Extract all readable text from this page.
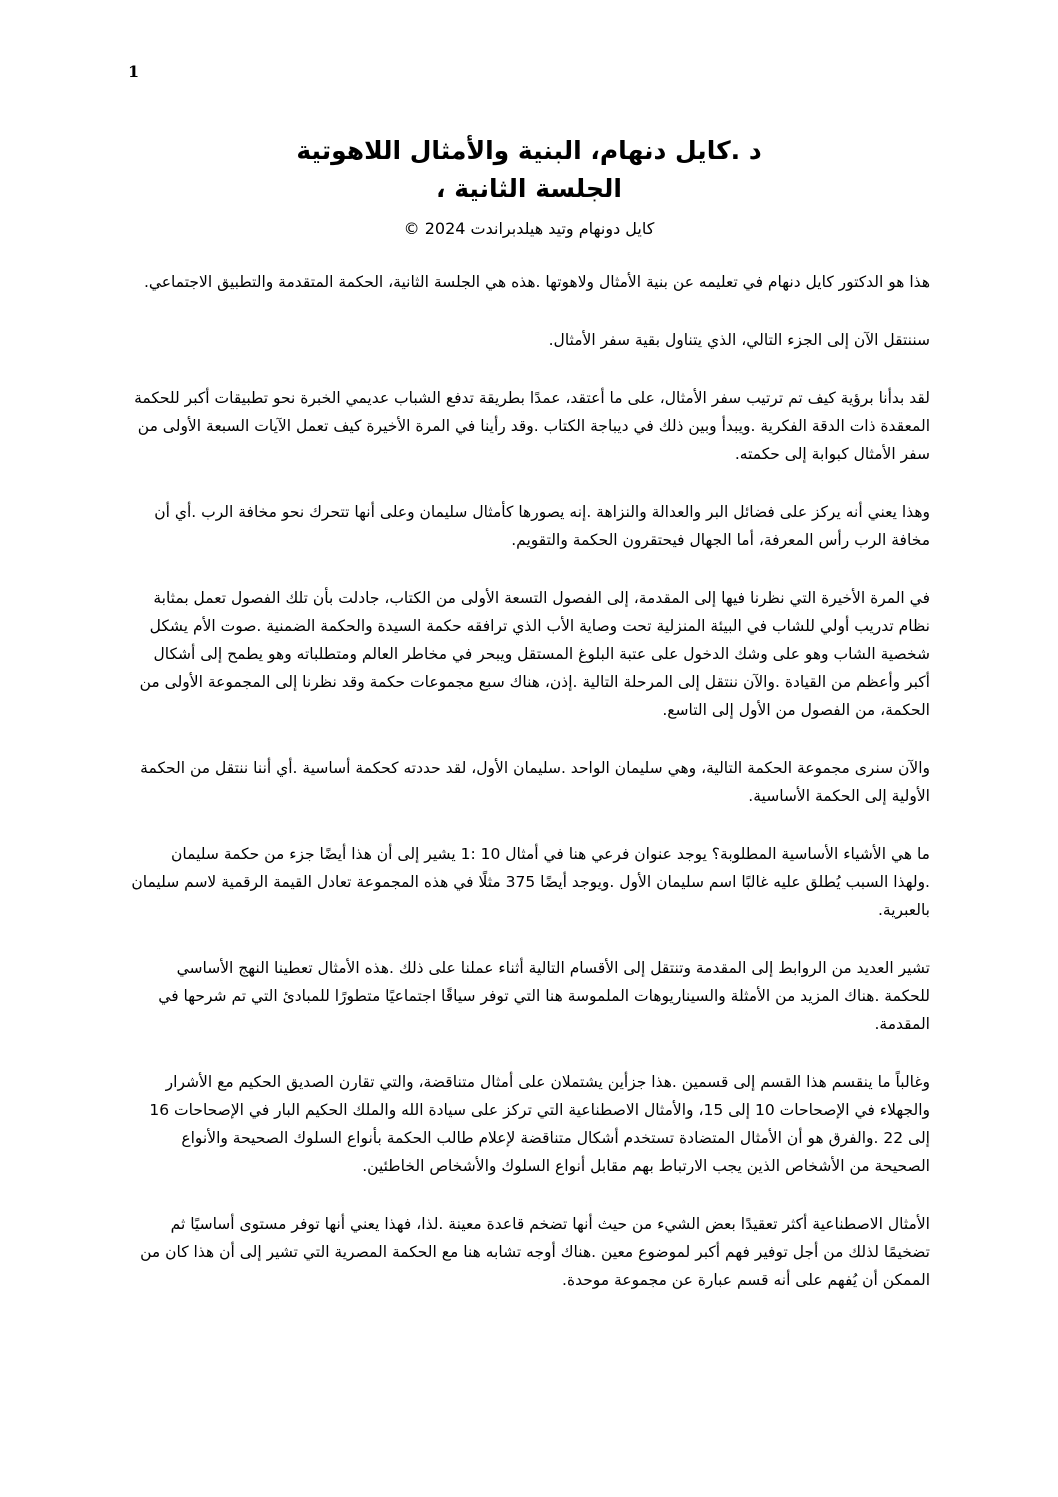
1

د .كايل دنهام، البنية والأمثال اللاهوتية

الجلسة الثانية ،

كايل دونهام وتيد هيلدبراندت 2024 ©

هذا هو الدكتور كايل دنهام في تعليمه عن بنية الأمثال ولاهوتها .هذه هي الجلسة الثانية، الحكمة المتقدمة والتطبيق الاجتماعي.

سننتقل الآن إلى الجزء التالي، الذي يتناول بقية سفر الأمثال.

لقد بدأنا برؤية كيف تم ترتيب سفر الأمثال، على ما أعتقد، عمدًا بطريقة تدفع الشباب عديمي الخبرة نحو تطبيقات أكبر للحكمة المعقدة ذات الدقة الفكرية .ويبدأ وبين ذلك في ديباجة الكتاب .وقد رأينا في المرة الأخيرة كيف تعمل الآيات السبعة الأولى من سفر الأمثال كبوابة إلى حكمته.

وهذا يعني أنه يركز على فضائل البر والعدالة والنزاهة .إنه يصورها كأمثال سليمان وعلى أنها تتحرك نحو مخافة الرب .أي أن مخافة الرب رأس المعرفة، أما الجهال فيحتقرون الحكمة والتقويم.

في المرة الأخيرة التي نظرنا فيها إلى المقدمة، إلى الفصول التسعة الأولى من الكتاب، جادلت بأن تلك الفصول تعمل بمثابة نظام تدريب أولي للشاب في البيئة المنزلية تحت وصاية الأب الذي ترافقه حكمة السيدة والحكمة الضمنية .صوت الأم يشكل شخصية الشاب وهو على وشك الدخول على عتبة البلوغ المستقل ويبحر في مخاطر العالم ومتطلباته وهو يطمح إلى أشكال أكبر وأعظم من القيادة .والآن ننتقل إلى المرحلة التالية .إذن، هناك سبع مجموعات حكمة وقد نظرنا إلى المجموعة الأولى من الحكمة، من الفصول من الأول إلى التاسع.

والآن سنرى مجموعة الحكمة التالية، وهي سليمان الواحد .سليمان الأول، لقد حددته كحكمة أساسية .أي أننا ننتقل من الحكمة الأولية إلى الحكمة الأساسية.

ما هي الأشياء الأساسية المطلوبة؟ يوجد عنوان فرعي هنا في أمثال 10 :1 يشير إلى أن هذا أيضًا جزء من حكمة سليمان .ولهذا السبب يُطلق عليه غالبًا اسم سليمان الأول .ويوجد أيضًا 375 مثلًا في هذه المجموعة تعادل القيمة الرقمية لاسم سليمان بالعبرية.

تشير العديد من الروابط إلى المقدمة وتنتقل إلى الأقسام التالية أثناء عملنا على ذلك .هذه الأمثال تعطينا النهج الأساسي للحكمة .هناك المزيد من الأمثلة والسيناريوهات الملموسة هنا التي توفر سياقًا اجتماعيًا متطورًا للمبادئ التي تم شرحها في المقدمة.

وغالباً ما ينقسم هذا القسم إلى قسمين .هذا جزأين يشتملان على أمثال متناقضة، والتي تقارن الصديق الحكيم مع الأشرار والجهلاء في الإصحاحات 10 إلى 15، والأمثال الاصطناعية التي تركز على سيادة الله والملك الحكيم البار في الإصحاحات 16 إلى 22 .والفرق هو أن الأمثال المتضادة تستخدم أشكال متناقضة لإعلام طالب الحكمة بأنواع السلوك الصحيحة والأنواع الصحيحة من الأشخاص الذين يجب الارتباط بهم مقابل أنواع السلوك والأشخاص الخاطئين.

الأمثال الاصطناعية أكثر تعقيدًا بعض الشيء من حيث أنها تضخم قاعدة معينة .لذا، فهذا يعني أنها توفر مستوى أساسيًا ثم تضخيمًا لذلك من أجل توفير فهم أكبر لموضوع معين .هناك أوجه تشابه هنا مع الحكمة المصرية التي تشير إلى أن هذا كان من الممكن أن يُفهم على أنه قسم عبارة عن مجموعة موحدة.
